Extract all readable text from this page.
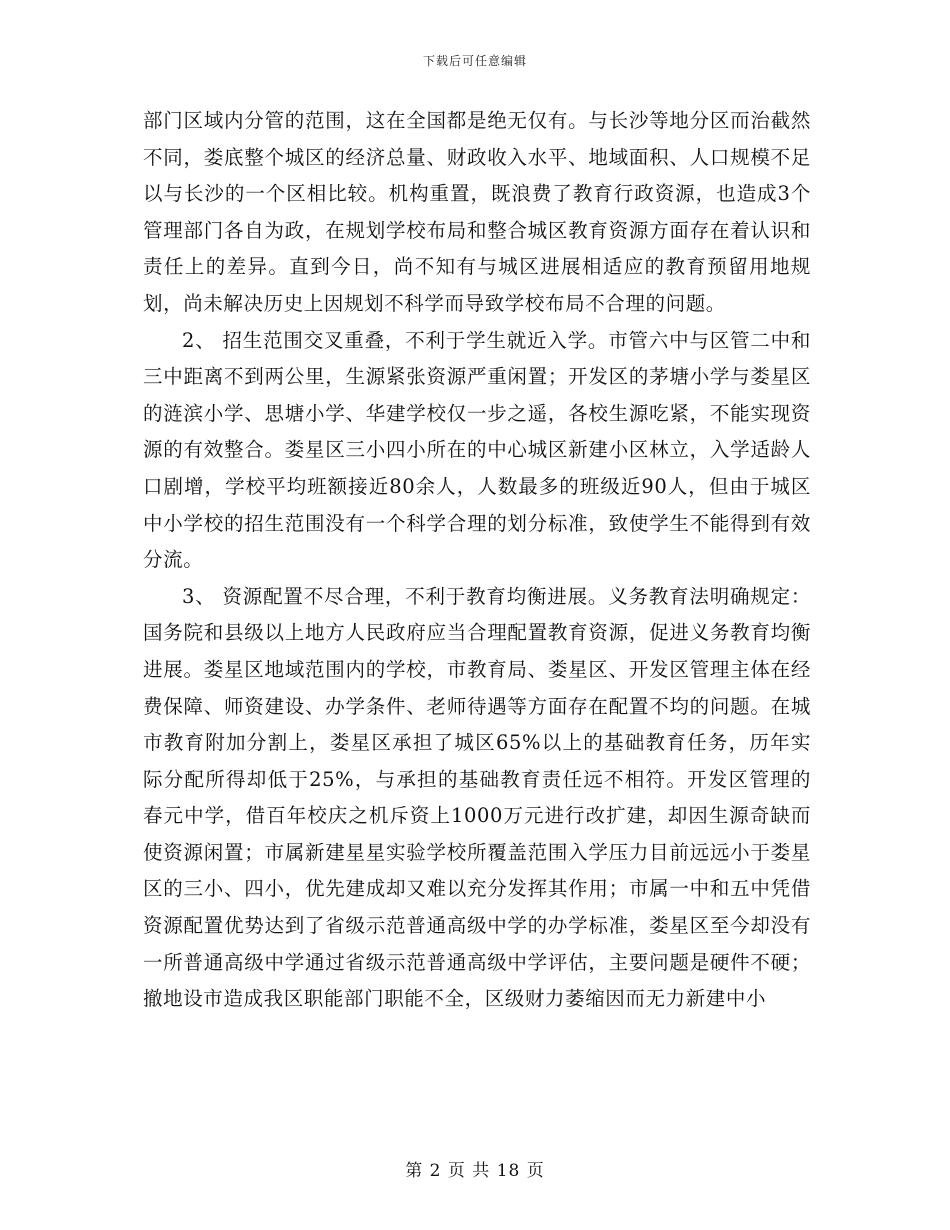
下载后可任意编辑

部门区域内分管的范围，这在全国都是绝无仅有。与长沙等地分区而治截然不同，娄底整个城区的经济总量、财政收入水平、地域面积、人口规模不足以与长沙的一个区相比较。机构重置，既浪费了教育行政资源，也造成3个管理部门各自为政，在规划学校布局和整合城区教育资源方面存在着认识和责任上的差异。直到今日，尚不知有与城区进展相适应的教育预留用地规划，尚未解决历史上因规划不科学而导致学校布局不合理的问题。

2、 招生范围交叉重叠，不利于学生就近入学。市管六中与区管二中和三中距离不到两公里，生源紧张资源严重闲置；开发区的茅塘小学与娄星区的涟滨小学、思塘小学、华建学校仅一步之遥，各校生源吃紧，不能实现资源的有效整合。娄星区三小四小所在的中心城区新建小区林立，入学适龄人口剧增，学校平均班额接近80余人，人数最多的班级近90人，但由于城区中小学校的招生范围没有一个科学合理的划分标准，致使学生不能得到有效分流。

3、 资源配置不尽合理，不利于教育均衡进展。义务教育法明确规定：国务院和县级以上地方人民政府应当合理配置教育资源，促进义务教育均衡进展。娄星区地域范围内的学校，市教育局、娄星区、开发区管理主体在经费保障、师资建设、办学条件、老师待遇等方面存在配置不均的问题。在城市教育附加分割上，娄星区承担了城区65%以上的基础教育任务，历年实际分配所得却低于25%，与承担的基础教育责任远不相符。开发区管理的春元中学，借百年校庆之机斥资上1000万元进行改扩建，却因生源奇缺而使资源闲置；市属新建星星实验学校所覆盖范围入学压力目前远远小于娄星区的三小、四小，优先建成却又难以充分发挥其作用；市属一中和五中凭借资源配置优势达到了省级示范普通高级中学的办学标准，娄星区至今却没有一所普通高级中学通过省级示范普通高级中学评估，主要问题是硬件不硬；撤地设市造成我区职能部门职能不全，区级财力萎缩因而无力新建中小

第 2 页 共 18 页
